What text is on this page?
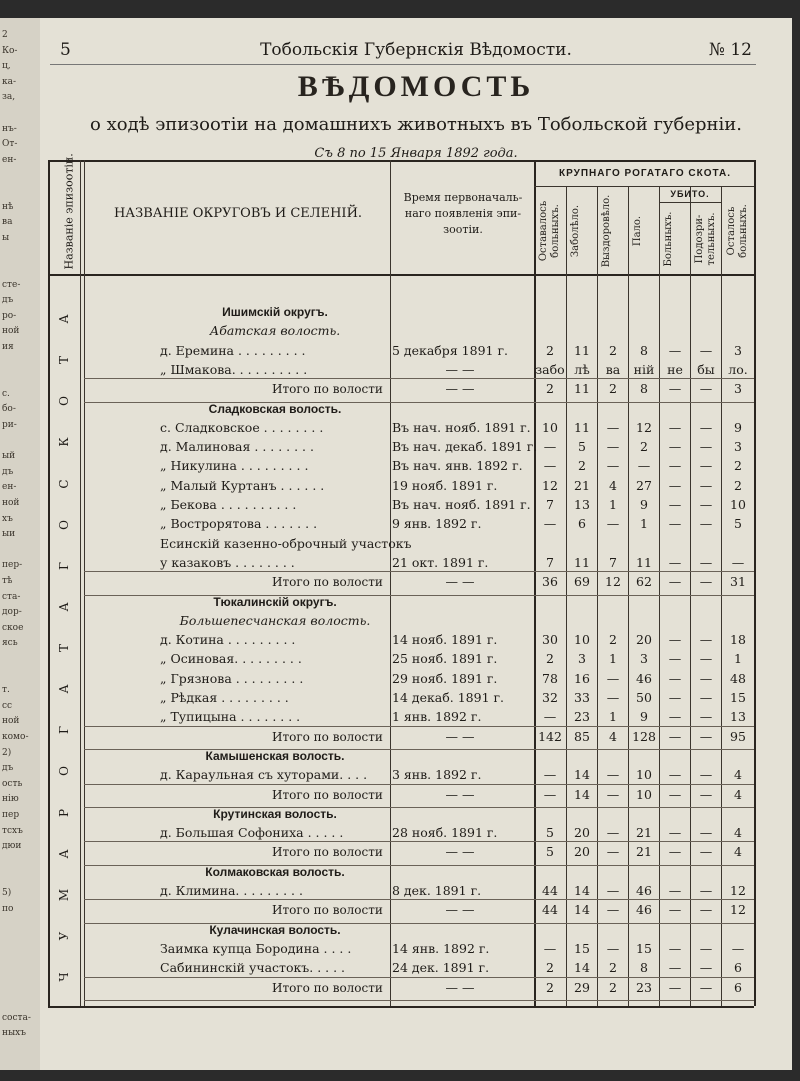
2
Ко-
ц,
ка-
за,
нъ-
От-
ен-
нѣ
ва
ы
сте-
дъ
ро-
ной
ия
с.
бо-
ри-
ый
дъ
ен-
ной
хъ
ыи
пер-
тѣ
ста-
дор-
ское
ясь
т.
сс
ной
комо-
2)
дъ
ость
нію
пер
тсхъ
дюи
5)
по
соста-
ныхъ
5	Тобольскія Губернскія Вѣдомости.	№ 12
ВѢДОМОСТЬ
о ходѣ эпизоотіи на домашнихъ животныхъ въ Тобольской губерніи.
Съ 8 по 15 Января 1892 года.
Названіе эпизоотіи.	НАЗВАНІЕ ОКРУГОВЪ И СЕЛЕНІЙ.
Время первоначаль-наго появленія эпи-зоотіи.
КРУПНАГО РОГАТАГО СКОТА.
УБИТО.
Оставалось больныхъ. Заболѣло.	Выздоровѣло.	Пало.	Больныхъ.	Подозри-тельныхъ. Осталось больныхъ.
Ч
У
М
А
Р
О
Г
А
Т
А
Г
О
С
К
О
Т
А	Ишимскій округъ.
Абатская волость.
д. Еремина . . . . . . . . .	5 декабря 1891 г.	2	11	2	8	—	—	3
„ Шмакова. . . . . . . . . .	— —	забо лѣ	ва	ній	не	бы	ло.
Итого по волости	— —	2	11	2	8	—	—	3
Сладковская волость.
с. Сладковское . . . . . . . .	Въ нач. нояб. 1891 г. 10	11	—	12	—	—	9
д. Малиновая . . . . . . . .	Въ нач. декаб. 1891 г. —	5	—	2	—	—	3
„ Никулина . . . . . . . . .	Въ нач. янв. 1892 г.	—	2	—	—	—	—	2
„ Малый Куртанъ . . . . . .	19 нояб. 1891 г.	12	21	4	27	—	—	2
„ Бекова . . . . . . . . . .	Въ нач. нояб. 1891 г.	7	13	1	9	—	—	10
„ Вострopятова . . . . . . .	9 янв. 1892 г.	—	6	—	1	—	—	5
Есинскій казенно-оброчный участокъ
у казаковъ . . . . . . . .	21 окт. 1891 г.	7	11	7	11	—	—	—
Итого по волости	— —	36	69	12	62	—	—	31
Тюкалинскій округъ.
Большепесчанская волость.
д. Котина . . . . . . . . .	14 нояб. 1891 г.	30	10	2	20	—	—	18
„ Осиновая. . . . . . . . .	25 нояб. 1891 г.	2	3	1	3	—	—	1
„ Грязнова . . . . . . . . .	29 нояб. 1891 г.	78	16	—	46	—	—	48
„ Рѣдкая . . . . . . . . .	14 декаб. 1891 г.	32	33	—	50	—	—	15
„ Тупицына . . . . . . . .	1 янв. 1892 г.	—	23	1	9	—	—	13
Итого по волости	— —	142 85	4	128	—	—	95
Камышенская волость.
д. Караульная съ хуторами. . . .	3 янв. 1892 г.	—	14	—	10	—	—	4
Итого по волости	— —	—	14	—	10	—	—	4
Крутинская волость.
д. Большая Софониха . . . . .	28 нояб. 1891 г.	5	20	—	21	—	—	4
Итого по волости	— —	5	20	—	21	—	—	4
Колмаковская волость.
д. Климина. . . . . . . . .	8 дек. 1891 г.	44	14	—	46	—	—	12
Итого по волости	— —	44	14	—	46	—	—	12
Кулачинская волость.
Заимка купца Бородина . . . .	14 янв. 1892 г.	—	15	—	15	—	—	—
Сабининскій участокъ. . . . .	24 дек. 1891 г.	2	14	2	8	—	—	6
Итого по волости	— —	2	29	2	23	—	—	6
